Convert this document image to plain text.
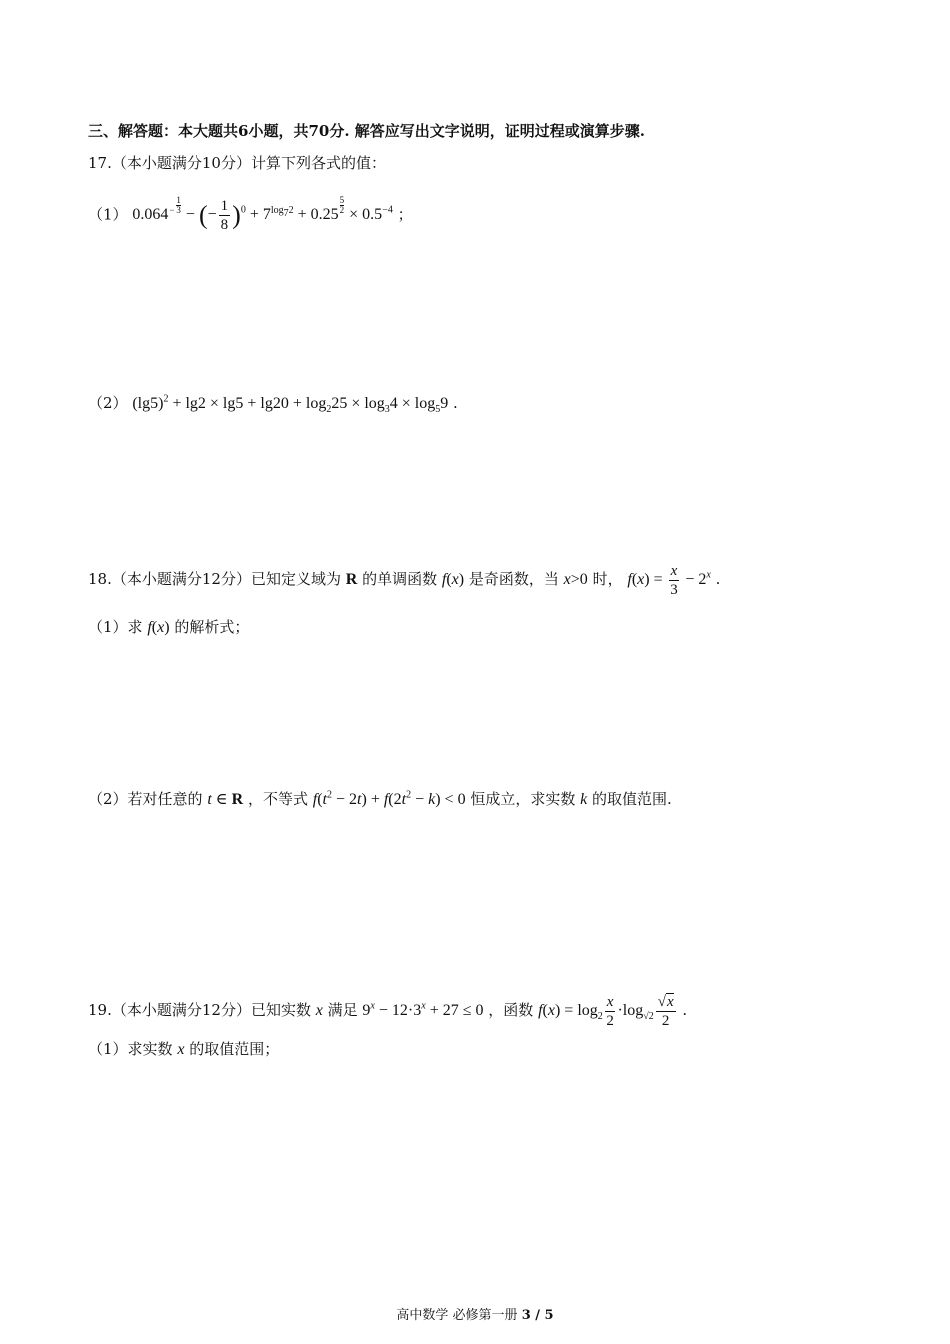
三、解答题：本大题共6小题，共70分. 解答应写出文字说明，证明过程或演算步骤.
17.（本小题满分10分）计算下列各式的值：
（1） $0.064 - \frac{1}{3}$ − (− $\frac{1}{8} )^0 + 7^{log_72} + 0.25 \frac{5}{2} \times 0.5^{-4}$ ；
（2） $(\lg 5)^2 + \lg 2 \times \lg 5 + \lg 20 + \log_225 \times \log_34 \times \log_59$ .
18.（本小题满分12分）已知定义域为 R 的单调函数 f(x) 是奇函数，当 x>0 时， $f(x) = \frac{x}{3} - 2^x$ .
（1）求 f(x) 的解析式；
（2）若对任意的 t ∈ R ，不等式 $f(t^2 - 2t) + f(2t^2 - k) < 0$ 恒成立，求实数 k 的取值范围.
19.（本小题满分12分）已知实数 x 满足 $9^x - 12\cdot 3^x + 27 \le 0$ ，函数 $f(x) = \log_2 \frac{x}{2} \cdot\log_{√2} \frac{√x}{2}$ .
（1）求实数 x 的取值范围；
高中数学 必修第一册 3 / 5
